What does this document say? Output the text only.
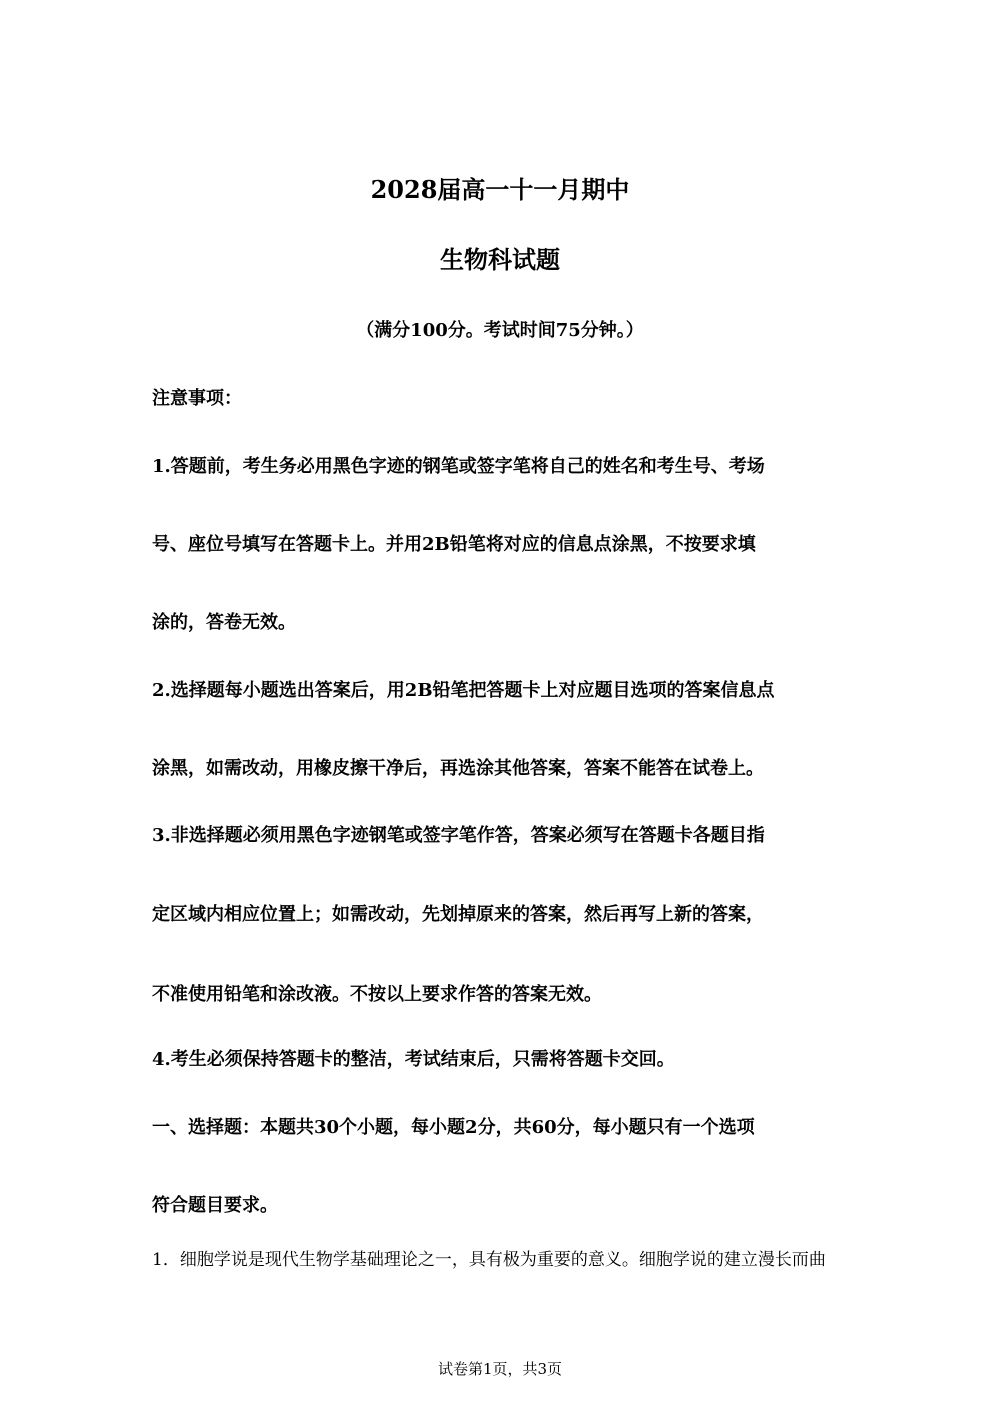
2028届高一十一月期中
生物科试题
（满分100分。考试时间75分钟。）
注意事项：
1.答题前，考生务必用黑色字迹的钢笔或签字笔将自己的姓名和考生号、考场
号、座位号填写在答题卡上。并用2B铅笔将对应的信息点涂黑，不按要求填
涂的，答卷无效。
2.选择题每小题选出答案后，用2B铅笔把答题卡上对应题目选项的答案信息点
涂黑，如需改动，用橡皮擦干净后，再选涂其他答案，答案不能答在试卷上。
3.非选择题必须用黑色字迹钢笔或签字笔作答，答案必须写在答题卡各题目指
定区域内相应位置上；如需改动，先划掉原来的答案，然后再写上新的答案，
不准使用铅笔和涂改液。不按以上要求作答的答案无效。
4.考生必须保持答题卡的整洁，考试结束后，只需将答题卡交回。
一、选择题：本题共30个小题，每小题2分，共60分，每小题只有一个选项
符合题目要求。
1．细胞学说是现代生物学基础理论之一，具有极为重要的意义。细胞学说的建立漫长而曲
试卷第1页，共3页
